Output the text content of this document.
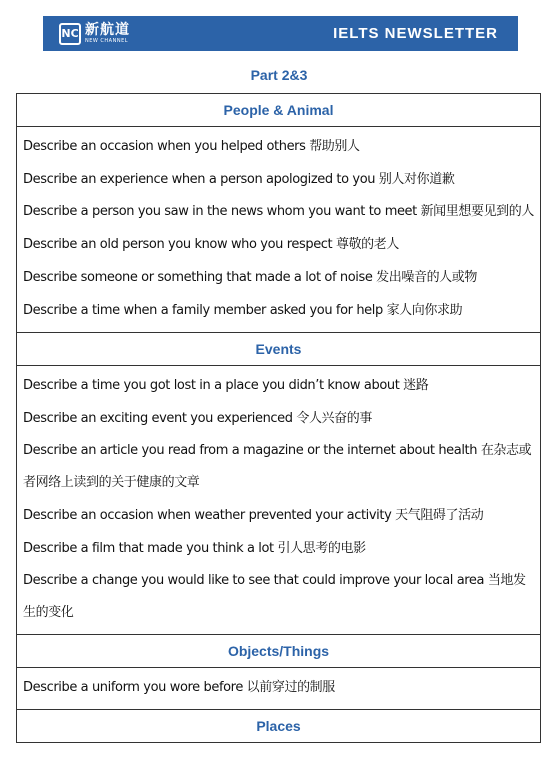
NC 新航道
NEW CHANNEL	IELTS NEWSLETTER
Part 2&3
People & Animal
Describe an occasion when you helped others 帮助别人
Describe an experience when a person apologized to you 别人对你道歉
Describe a person you saw in the news whom you want to meet 新闻里想要见到的人
Describe an old person you know who you respect 尊敬的老人
Describe someone or something that made a lot of noise 发出噪音的人或物
Describe a time when a family member asked you for help 家人向你求助
Events
Describe a time you got lost in a place you didn’t know about 迷路
Describe an exciting event you experienced 令人兴奋的事
Describe an article you read from a magazine or the internet about health 在杂志或者网络上读到的关于健康的文章
Describe an occasion when weather prevented your activity 天气阻碍了活动
Describe a film that made you think a lot 引人思考的电影
Describe a change you would like to see that could improve your local area 当地发生的变化
Objects/Things
Describe a uniform you wore before 以前穿过的制服
Places
